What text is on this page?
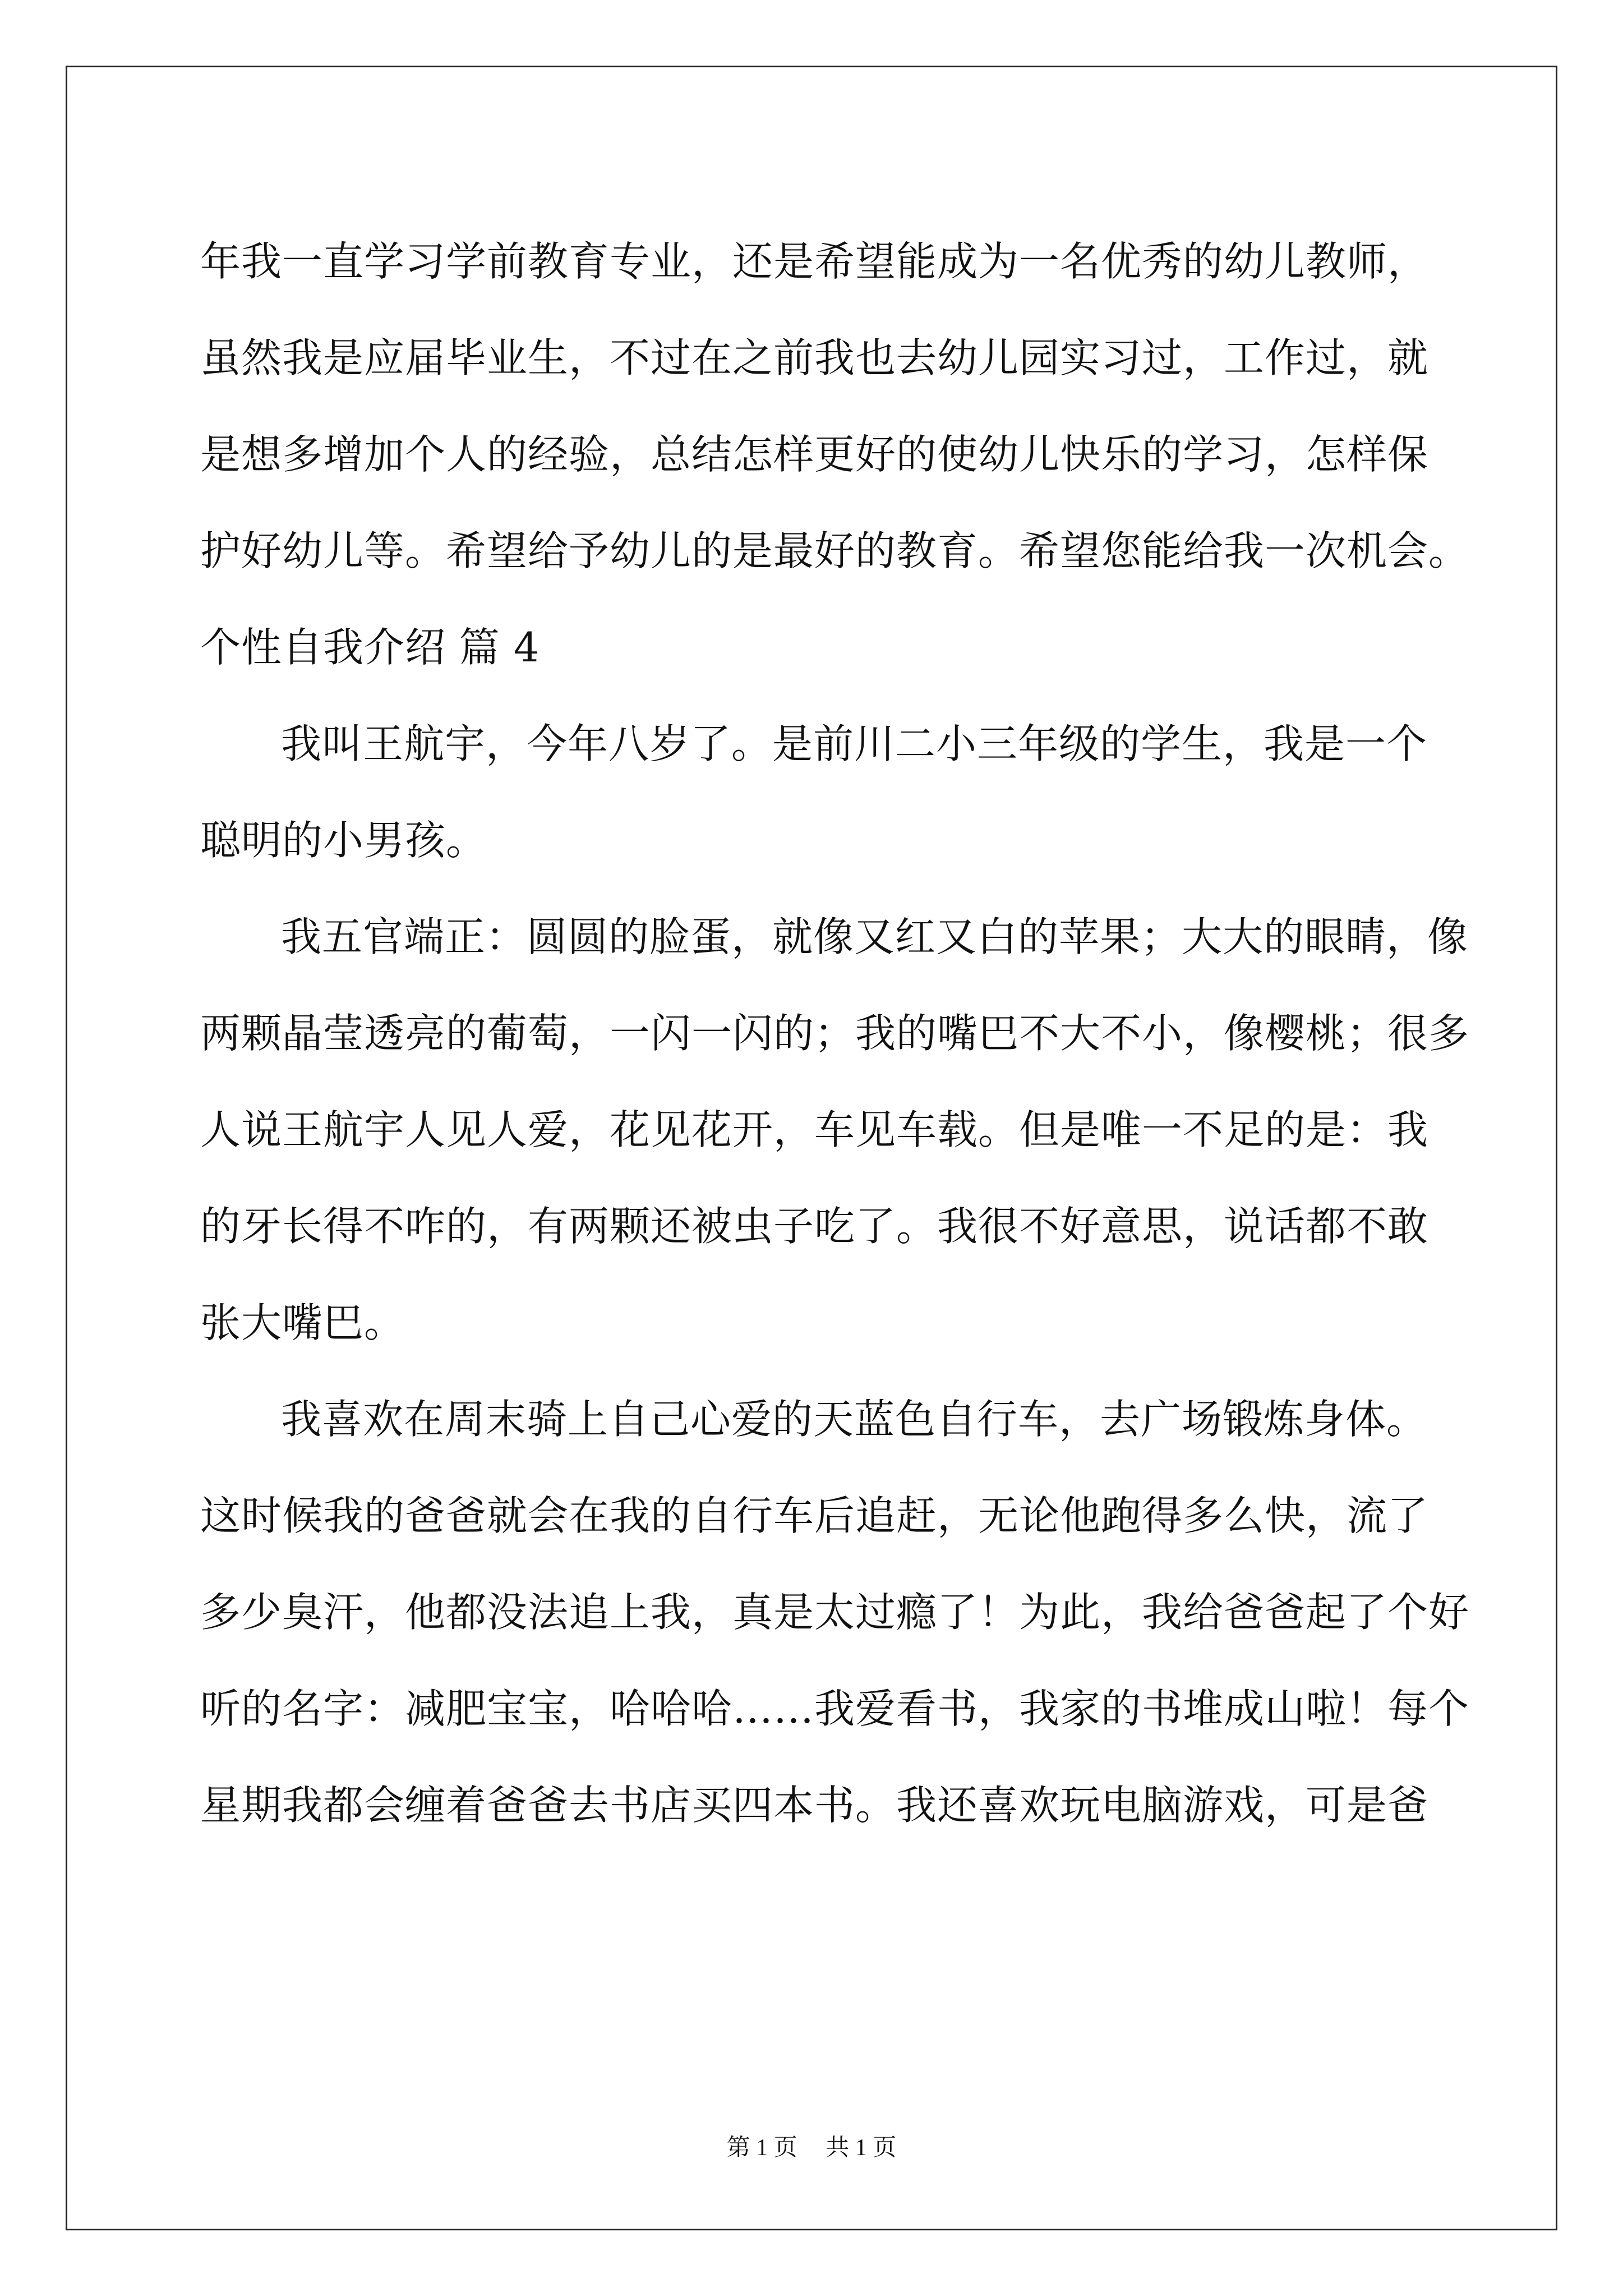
年我一直学习学前教育专业，还是希望能成为一名优秀的幼儿教师，
虽然我是应届毕业生，不过在之前我也去幼儿园实习过，工作过，就
是想多增加个人的经验，总结怎样更好的使幼儿快乐的学习，怎样保
护好幼儿等。希望给予幼儿的是最好的教育。希望您能给我一次机会。
个性自我介绍 篇 4
我叫王航宇，今年八岁了。是前川二小三年级的学生，我是一个
聪明的小男孩。
我五官端正：圆圆的脸蛋，就像又红又白的苹果；大大的眼睛，像
两颗晶莹透亮的葡萄，一闪一闪的；我的嘴巴不大不小，像樱桃；很多
人说王航宇人见人爱，花见花开，车见车载。但是唯一不足的是：我
的牙长得不咋的，有两颗还被虫子吃了。我很不好意思，说话都不敢
张大嘴巴。
我喜欢在周末骑上自己心爱的天蓝色自行车，去广场锻炼身体。
这时候我的爸爸就会在我的自行车后追赶，无论他跑得多么快，流了
多少臭汗，他都没法追上我，真是太过瘾了！为此，我给爸爸起了个好
听的名字：减肥宝宝，哈哈哈……我爱看书，我家的书堆成山啦！每个
星期我都会缠着爸爸去书店买四本书。我还喜欢玩电脑游戏，可是爸
第 1 页 共 1 页
